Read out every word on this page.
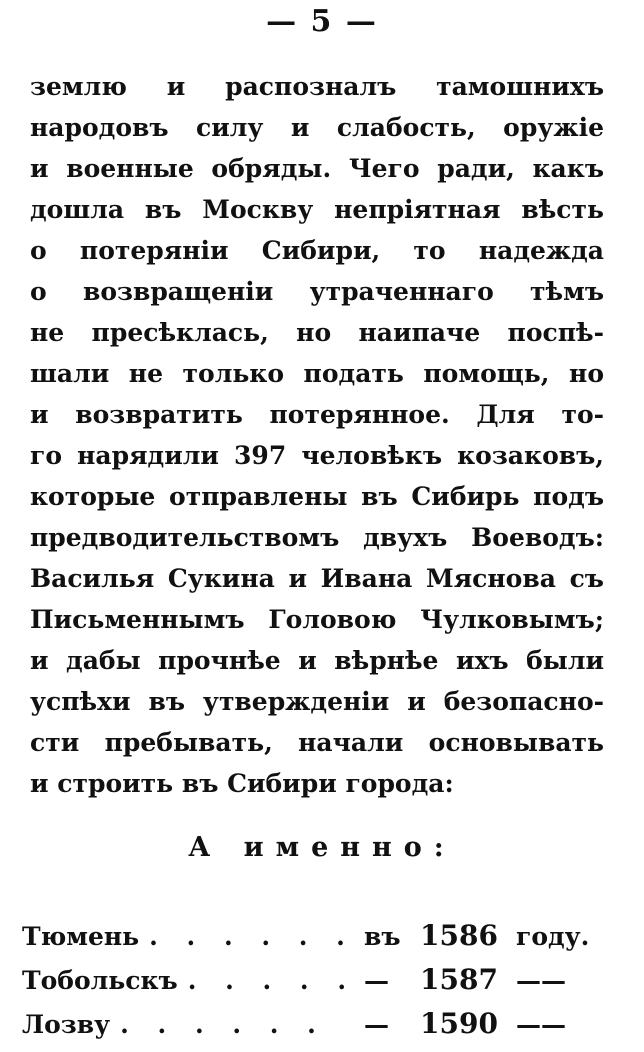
— 5 —
землю и распозналъ тамошнихъ
народовъ силу и слабость, оружіе
и военные обряды. Чего ради, какъ
дошла въ Москву непріятная вѣсть
о потеряніи Сибири, то надежда
о возвращеніи утраченнаго тѣмъ
не пресѣклась, но наипаче поспѣ-
шали не только подать помощь, но
и возвратить потерянное. Для то-
го нарядили 397 человѣкъ козаковъ,
которые отправлены въ Сибирь подъ
предводительствомъ двухъ Воеводъ:
Василья Сукина и Ивана Мяснова съ
Письменнымъ Головою Чулковымъ;
и дабы прочнѣе и вѣрнѣе ихъ были
успѣхи въ утвержденіи и безопасно-
сти пребывать, начали основывать
и строить въ Сибири города:
А именно:
Тюмень . . . . . . въ 1586 году.
Тобольскъ . . . . . —	1587 ——
Лозву . . . . . .	—	1590 ——
